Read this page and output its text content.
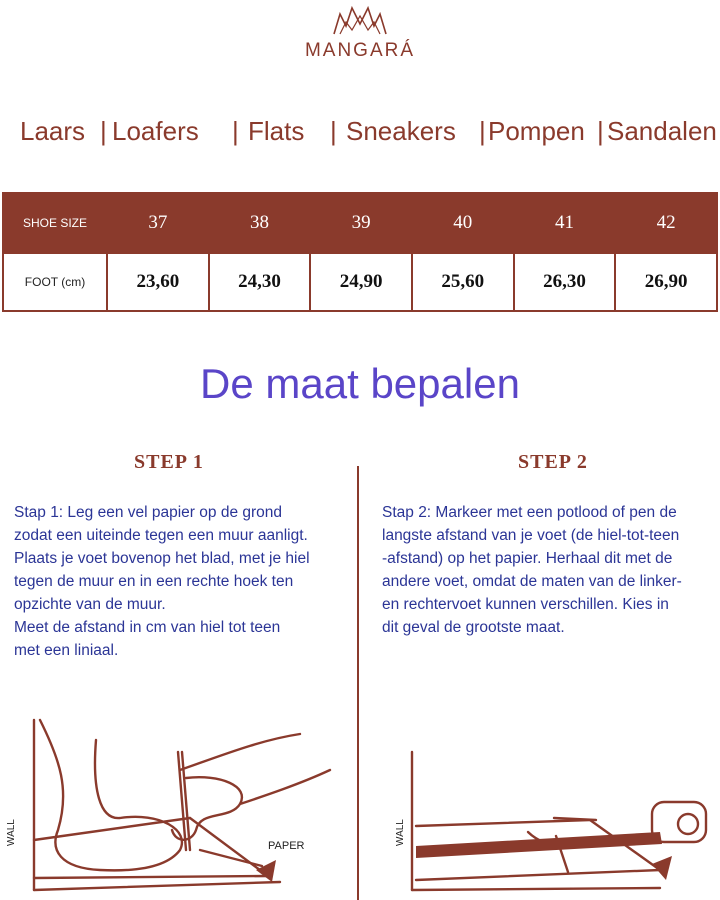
MANGARÁ
Laars | Loafers | Flats | Sneakers | Pompen | Sandalen
SHOE SIZE	37	38	39	40	41	42
FOOT (cm)	23,60	24,30	24,90	25,60	26,30	26,90
De maat bepalen
STEP 1
Stap 1: Leg een vel papier op de grond
zodat een uiteinde tegen een muur aanligt.
Plaats je voet bovenop het blad, met je hiel
tegen de muur en in een rechte hoek ten
opzichte van de muur.
Meet de afstand in cm van hiel tot teen
met een liniaal.
STEP 2
Stap 2: Markeer met een potlood of pen de
langste afstand van je voet (de hiel-tot-teen
-afstand) op het papier. Herhaal dit met de
andere voet, omdat de maten van de linker-
en rechtervoet kunnen verschillen. Kies in
dit geval de grootste maat.
WALL	PAPER	WALL
